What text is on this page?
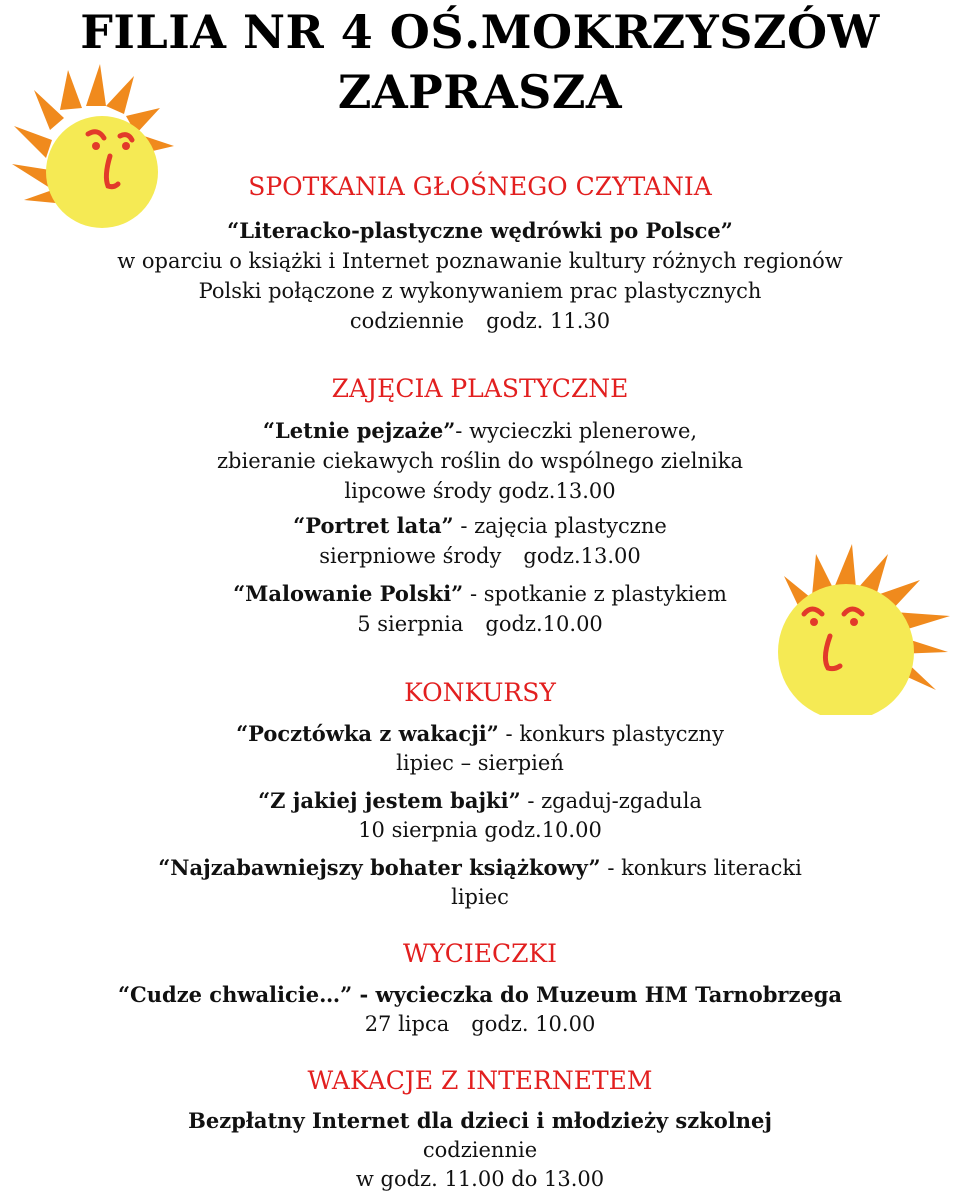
FILIA NR 4 OŚ.MOKRZYSZÓW
ZAPRASZA
SPOTKANIA GŁOŚNEGO CZYTANIA
“Literacko-plastyczne wędrówki po Polsce”
w oparciu o książki i Internet poznawanie kultury różnych regionów
Polski połączone z wykonywaniem prac plastycznych
codziennie godz. 11.30
ZAJĘCIA PLASTYCZNE
“Letnie pejzaże”- wycieczki plenerowe,
zbieranie ciekawych roślin do wspólnego zielnika
lipcowe środy godz.13.00
“Portret lata” - zajęcia plastyczne
sierpniowe środy godz.13.00
“Malowanie Polski” - spotkanie z plastykiem
5 sierpnia godz.10.00
KONKURSY
“Pocztówka z wakacji” - konkurs plastyczny
lipiec – sierpień
“Z jakiej jestem bajki” - zgaduj-zgadula
10 sierpnia godz.10.00
“Najzabawniejszy bohater książkowy” - konkurs literacki
lipiec
WYCIECZKI
“Cudze chwalicie…” - wycieczka do Muzeum HM Tarnobrzega
27 lipca godz. 10.00
WAKACJE Z INTERNETEM
Bezpłatny Internet dla dzieci i młodzieży szkolnej
codziennie
w godz. 11.00 do 13.00
